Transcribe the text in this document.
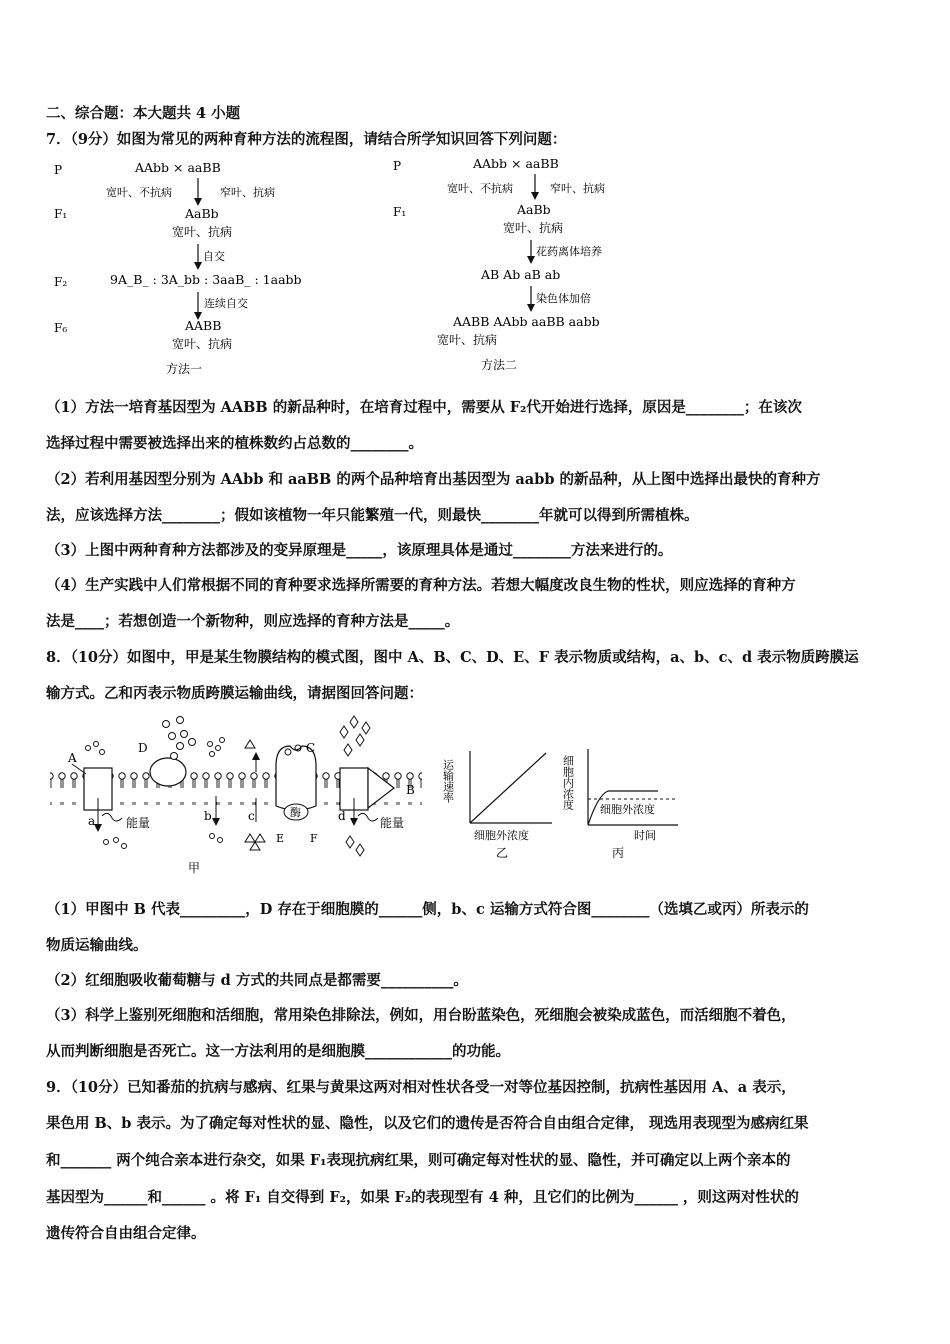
二、综合题：本大题共 4 小题
7．（9分）如图为常见的两种育种方法的流程图，请结合所学知识回答下列问题：
P	AAbb × aaBB
宽叶、不抗病	窄叶、抗病
F₁	AaBb
宽叶、抗病
自交
F₂	9A_B_ : 3A_bb : 3aaB_ : 1aabb
连续自交
F₆	AABB
宽叶、抗病
方法一
P	AAbb × aaBB
宽叶、不抗病	窄叶、抗病
F₁	AaBb
宽叶、抗病
花药离体培养
AB Ab aB ab
染色体加倍
AABB AAbb aaBB aabb
宽叶、抗病
方法二
（1）方法一培育基因型为 AABB 的新品种时，在培育过程中，需要从 F₂代开始进行选择，原因是________；在该次
选择过程中需要被选择出来的植株数约占总数的________。
（2）若利用基因型分别为 AAbb 和 aaBB 的两个品种培育出基因型为 aabb 的新品种，从上图中选择出最快的育种方
法，应该选择方法________；假如该植物一年只能繁殖一代，则最快________年就可以得到所需植株。
（3）上图中两种育种方法都涉及的变异原理是_____，该原理具体是通过________方法来进行的。
（4）生产实践中人们常根据不同的育种要求选择所需要的育种方法。若想大幅度改良生物的性状，则应选择的育种方
法是____；若想创造一个新物种，则应选择的育种方法是_____。
8．（10分）如图中，甲是某生物膜结构的模式图，图中 A、B、C、D、E、F 表示物质或结构，a、b、c、d 表示物质跨膜运
输方式。乙和丙表示物质跨膜运输曲线，请据图回答问题：
A
a	能量
D
b	c
C
酶
E F
d	能量
B
甲
运输速率
细胞外浓度
乙
细胞内浓度 细胞外浓度
时间
丙
（1）甲图中 B 代表_________，D 存在于细胞膜的______侧，b、c 运输方式符合图________（选填乙或丙）所表示的
物质运输曲线。
（2）红细胞吸收葡萄糖与 d 方式的共同点是都需要__________。
（3）科学上鉴别死细胞和活细胞，常用染色排除法，例如，用台盼蓝染色，死细胞会被染成蓝色，而活细胞不着色，
从而判断细胞是否死亡。这一方法利用的是细胞膜____________的功能。
9．（10分）已知番茄的抗病与感病、红果与黄果这两对相对性状各受一对等位基因控制，抗病性基因用 A、a 表示，
果色用 B、b 表示。为了确定每对性状的显、隐性，以及它们的遗传是否符合自由组合定律， 现选用表现型为感病红果
和_______ 两个纯合亲本进行杂交，如果 F₁表现抗病红果，则可确定每对性状的显、隐性，并可确定以上两个亲本的
基因型为______和______ 。将 F₁ 自交得到 F₂，如果 F₂的表现型有 4 种，且它们的比例为______ ，则这两对性状的
遗传符合自由组合定律。
